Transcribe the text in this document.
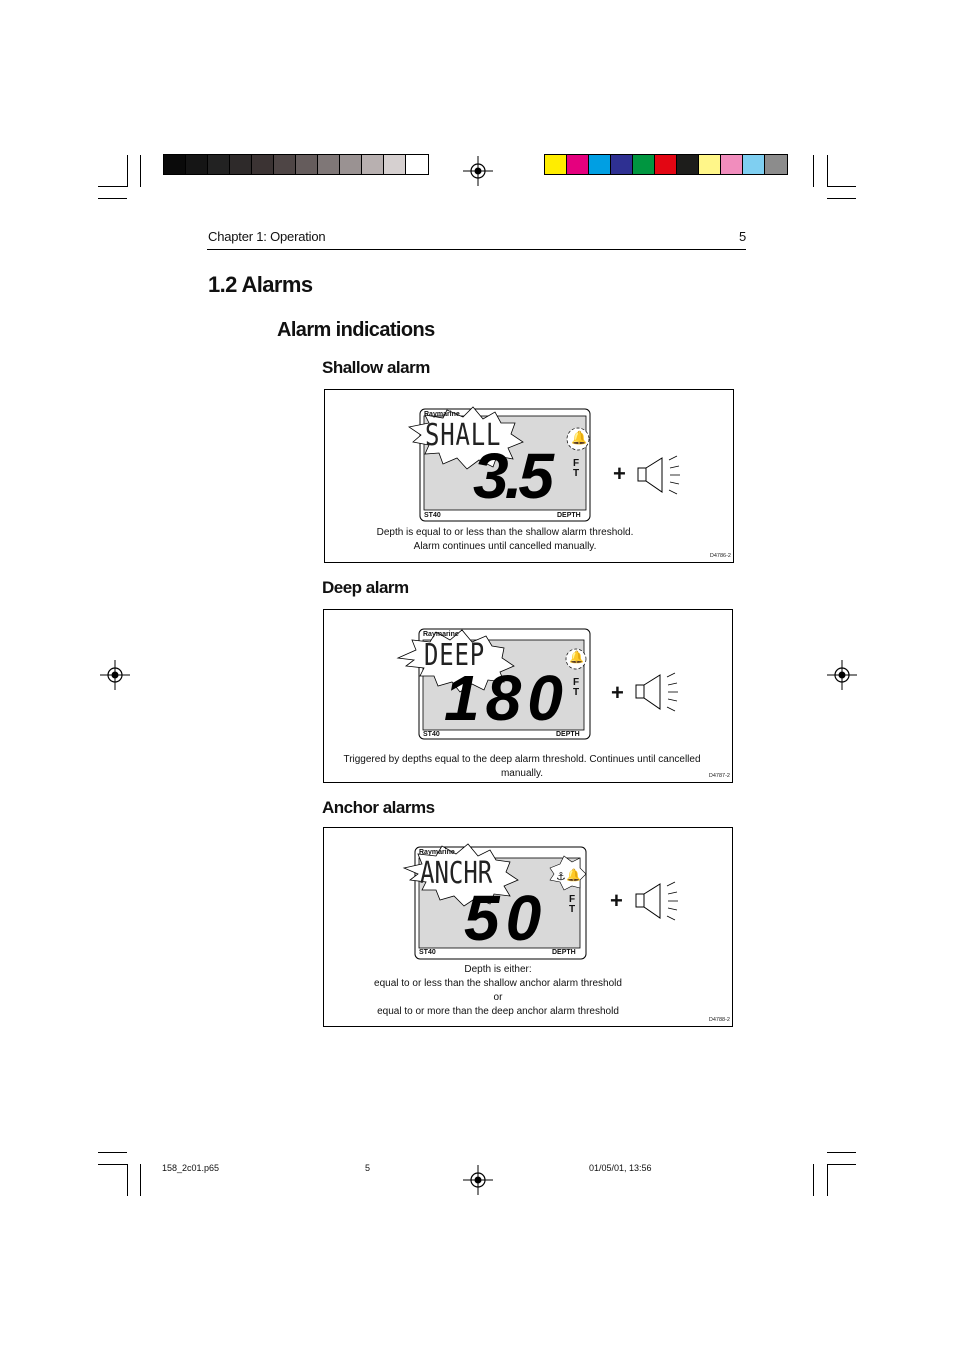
Chapter 1: Operation	5
1.2 Alarms
Alarm indications
Shallow alarm
Raymarine
SHALL
3.5
🔔
F
T
ST40	DEPTH
+
Depth is equal to or less than the shallow alarm threshold.
Alarm continues until cancelled manually.
D4786-2
Deep alarm
Raymarine
DEEP
180
🔔
F
T
ST40	DEPTH
+
Triggered by depths equal to the deep alarm threshold. Continues until cancelled manually.	D4787-2
Anchor alarms
Raymarine
ANCHR
50
⚓ 🔔
F
T
ST40	DEPTH
+
Depth is either:
equal to or less than the shallow anchor alarm threshold
or
equal to or more than the deep anchor alarm threshold
D4788-2
158_2c01.p65	5	01/05/01, 13:56
